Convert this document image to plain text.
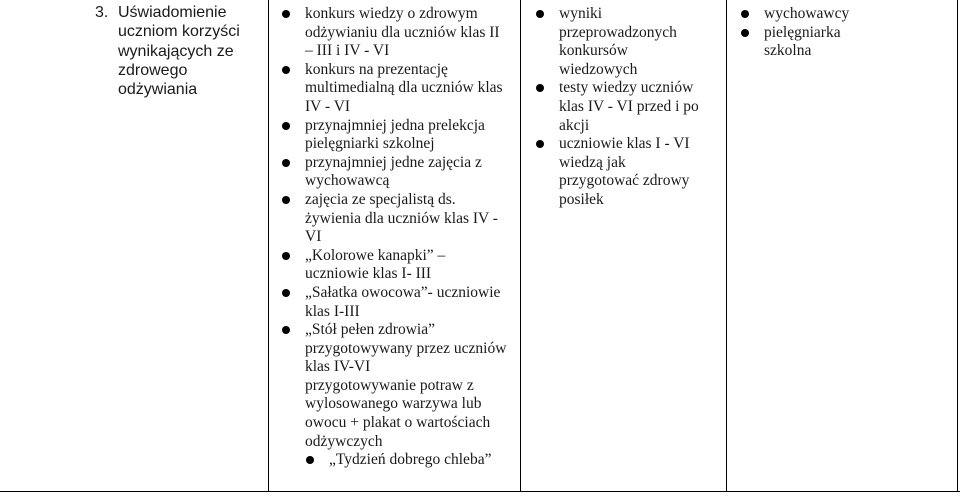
3. Uświadomienie
uczniom korzyści
wynikających ze
zdrowego
odżywiania
konkurs wiedzy o zdrowym
odżywianiu dla uczniów klas II
– III i IV - VI
konkurs na prezentację
multimedialną dla uczniów klas
IV - VI
przynajmniej jedna prelekcja
pielęgniarki szkolnej
przynajmniej jedne zajęcia z
wychowawcą
zajęcia ze specjalistą ds.
żywienia dla uczniów klas IV -
VI
„Kolorowe kanapki” –
uczniowie klas I- III
„Sałatka owocowa”- uczniowie
klas I-III
„Stół pełen zdrowia”
przygotowywany przez uczniów
klas IV-VI
przygotowywanie potraw z
wylosowanego warzywa lub
owocu + plakat o wartościach
odżywczych
„Tydzień dobrego chleba”
wyniki
przeprowadzonych
konkursów
wiedzowych
testy wiedzy uczniów
klas IV - VI przed i po
akcji
uczniowie klas I - VI
wiedzą jak
przygotować zdrowy
posiłek
wychowawcy
pielęgniarka
szkolna
